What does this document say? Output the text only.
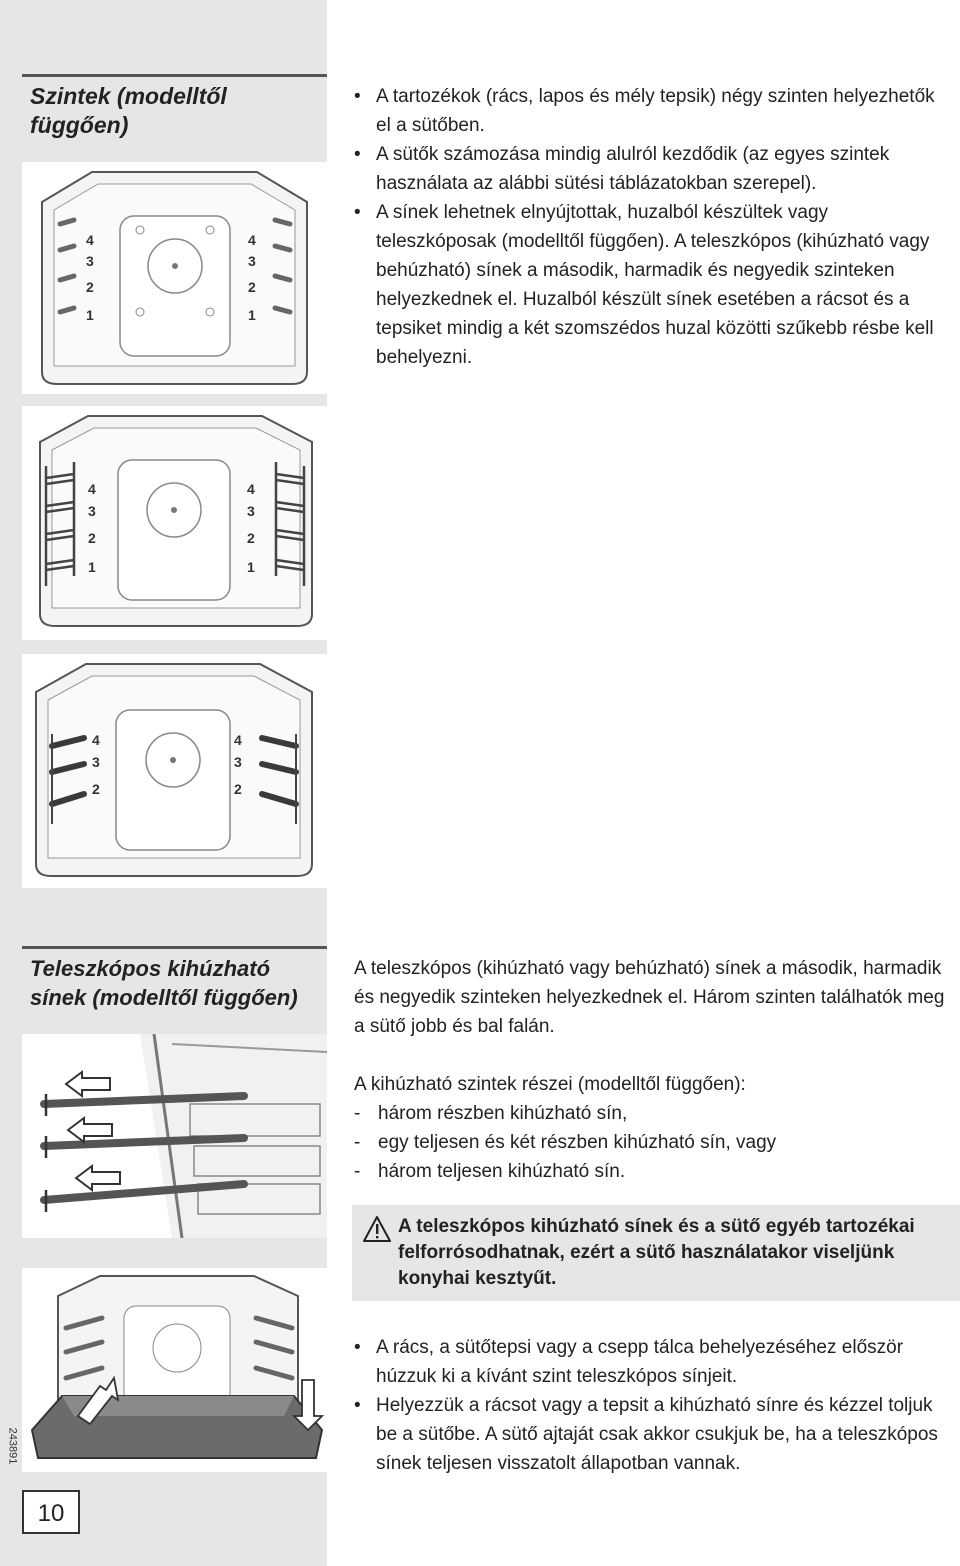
Szintek (modelltől
függően)
4
3
2
1
4
3
2
1
4
3
2
1
4
3
2
1
4
3
2
4
3
2
• A tartozékok (rács, lapos és mély tepsik) négy szinten helyezhetők el a sütőben.
• A sütők számozása mindig alulról kezdődik (az egyes szintek használata az alábbi sütési táblázatokban szerepel).
• A sínek lehetnek elnyújtottak, huzalból készültek vagy teleszkóposak (modelltől függően). A teleszkópos (kihúzható vagy behúzható) sínek a második, harmadik és negyedik szinteken helyezkednek el. Huzalból készült sínek esetében a rácsot és a tepsiket mindig a két szomszédos huzal közötti szűkebb résbe kell behelyezni.
Teleszkópos kihúzható
sínek (modelltől függően)

A teleszkópos (kihúzható vagy behúzható) sínek a második, harmadik és negyedik szinteken helyezkednek el. Három szinten találhatók meg a sütő jobb és bal falán.

A kihúzható szintek részei (modelltől függően):

- három részben kihúzható sín,
- egy teljesen és két részben kihúzható sín, vagy
- három teljesen kihúzható sín.

A teleszkópos kihúzható sínek és a sütő egyéb tartozékai felforrósodhatnak, ezért a sütő használatakor viseljünk konyhai kesztyűt.

• A rács, a sütőtepsi vagy a csepp tálca behelyezéséhez először húzzuk ki a kívánt szint teleszkópos sínjeit.
• Helyezzük a rácsot vagy a tepsit a kihúzható sínre és kézzel toljuk be a sütőbe. A sütő ajtaját csak akkor csukjuk be, ha a teleszkópos sínek teljesen visszatolt állapotban vannak.
243891
10
